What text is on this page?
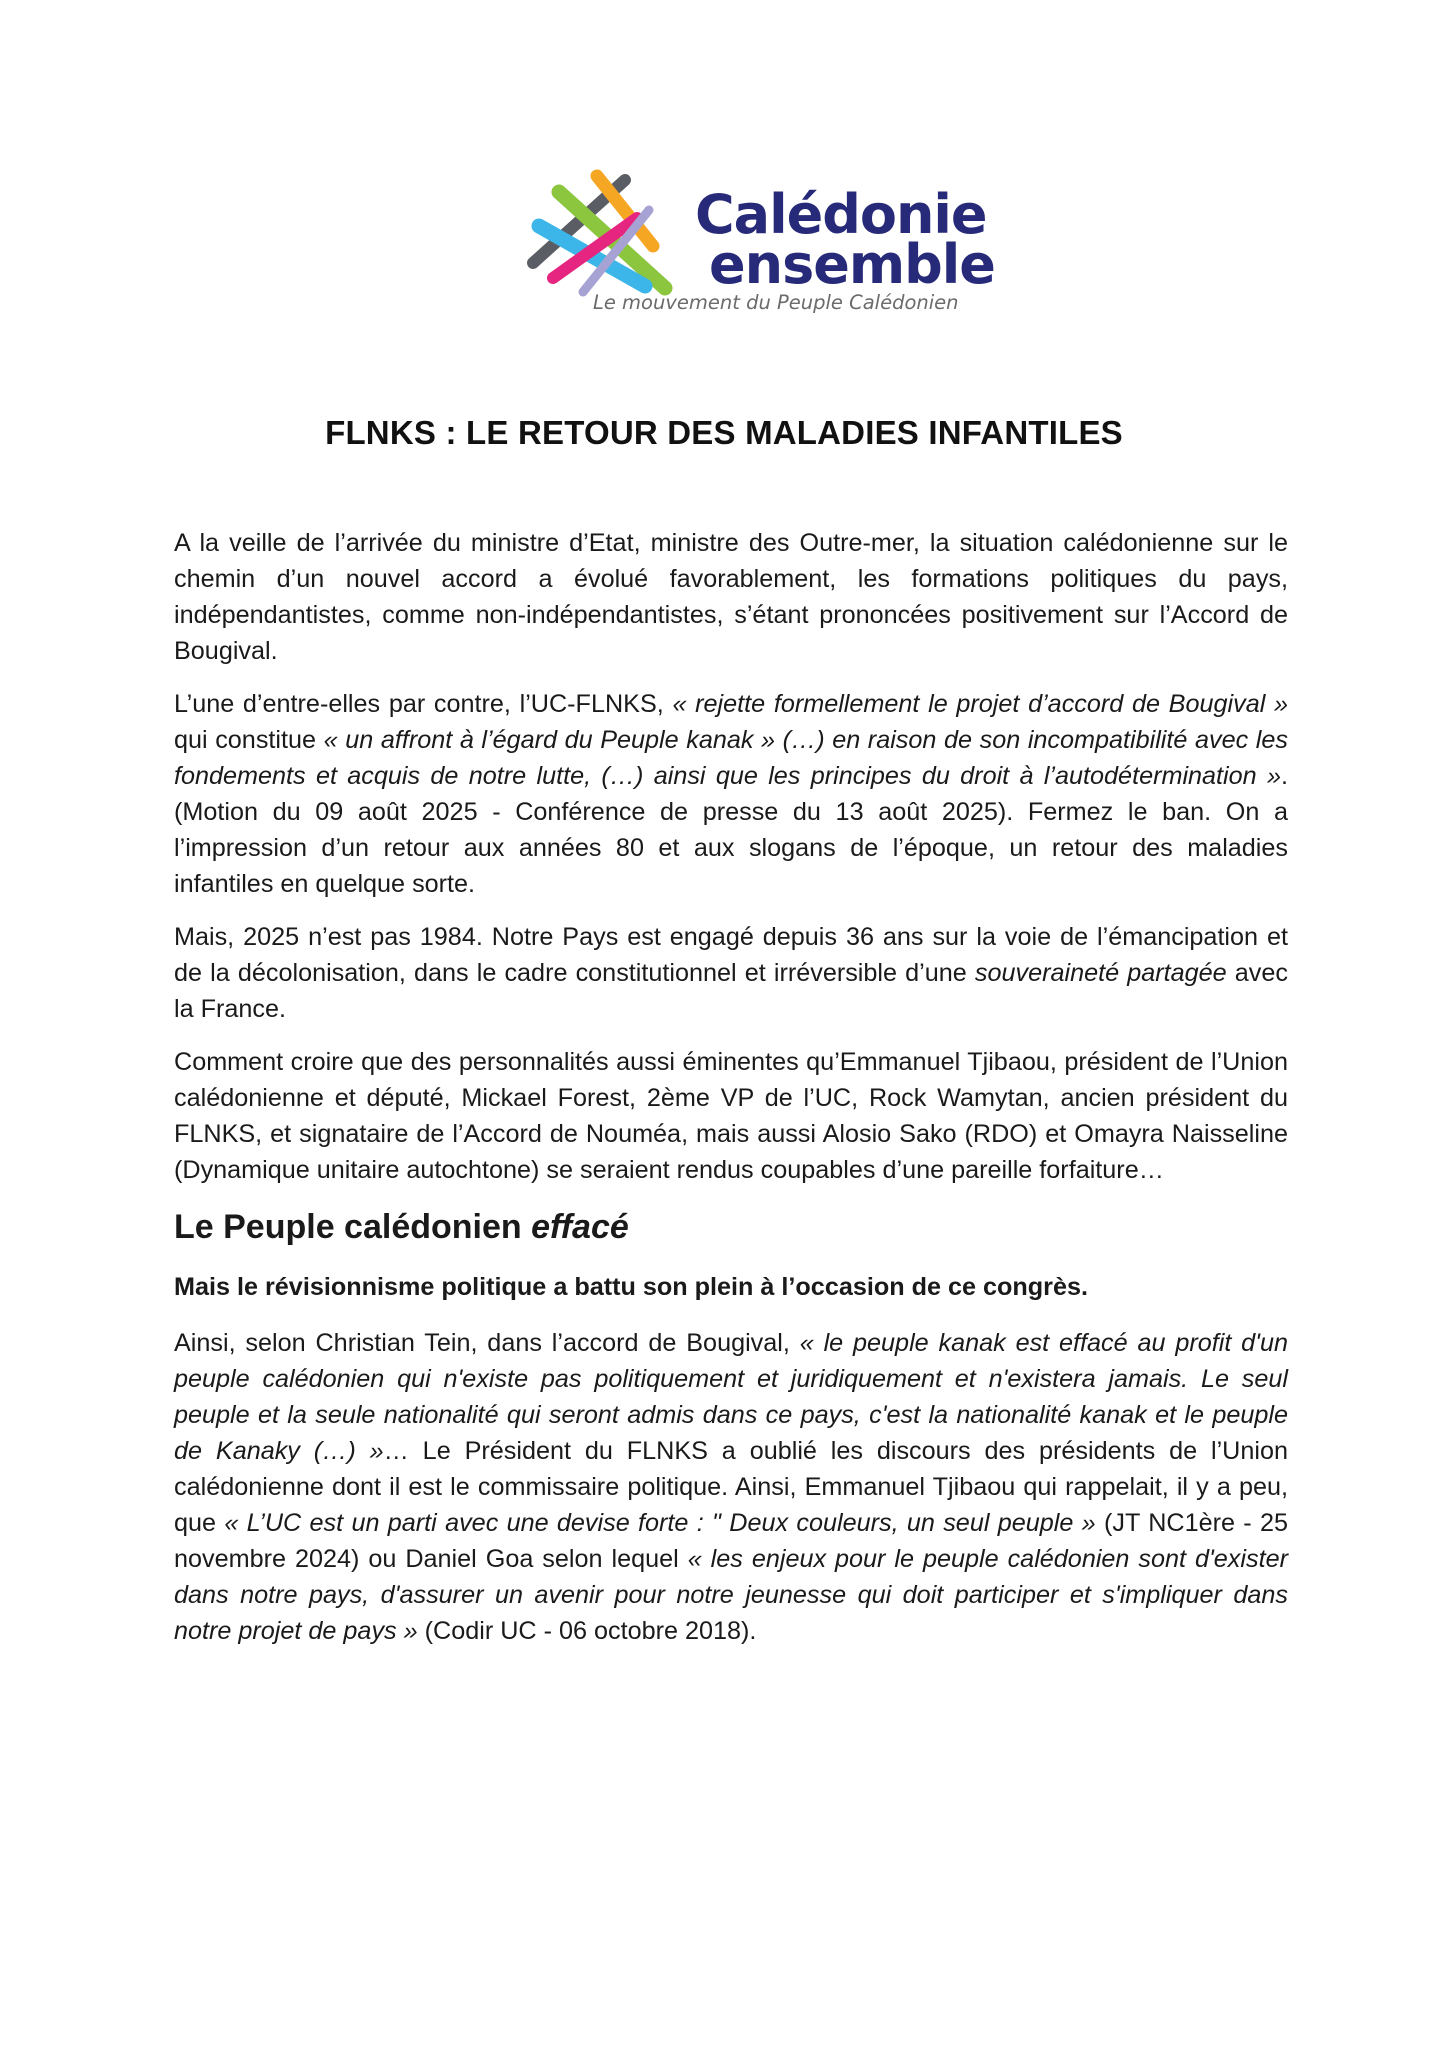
Calédonie
ensemble
Le mouvement du Peuple Calédonien
FLNKS : LE RETOUR DES MALADIES INFANTILES

A la veille de l’arrivée du ministre d’Etat, ministre des Outre-mer, la situation calédonienne sur le chemin d’un nouvel accord a évolué favorablement, les formations politiques du pays, indépendantistes, comme non-indépendantistes, s’étant prononcées positivement sur l’Accord de Bougival.

L’une d’entre-elles par contre, l’UC-FLNKS, « rejette formellement le projet d’accord de Bougival » qui constitue « un affront à l’égard du Peuple kanak » (…) en raison de son incompatibilité avec les fondements et acquis de notre lutte, (…) ainsi que les principes du droit à l’autodétermination ». (Motion du 09 août 2025 - Conférence de presse du 13 août 2025). Fermez le ban. On a l’impression d’un retour aux années 80 et aux slogans de l’époque, un retour des maladies infantiles en quelque sorte.

Mais, 2025 n’est pas 1984. Notre Pays est engagé depuis 36 ans sur la voie de l’émancipation et de la décolonisation, dans le cadre constitutionnel et irréversible d’une souveraineté partagée avec la France.

Comment croire que des personnalités aussi éminentes qu’Emmanuel Tjibaou, président de l’Union calédonienne et député, Mickael Forest, 2ème VP de l’UC, Rock Wamytan, ancien président du FLNKS, et signataire de l’Accord de Nouméa, mais aussi Alosio Sako (RDO) et Omayra Naisseline (Dynamique unitaire autochtone) se seraient rendus coupables d’une pareille forfaiture…

Le Peuple calédonien effacé

Mais le révisionnisme politique a battu son plein à l’occasion de ce congrès.

Ainsi, selon Christian Tein, dans l’accord de Bougival, « le peuple kanak est effacé au profit d'un peuple calédonien qui n'existe pas politiquement et juridiquement et n'existera jamais. Le seul peuple et la seule nationalité qui seront admis dans ce pays, c'est la nationalité kanak et le peuple de Kanaky (…) »… Le Président du FLNKS a oublié les discours des présidents de l’Union calédonienne dont il est le commissaire politique. Ainsi, Emmanuel Tjibaou qui rappelait, il y a peu, que « L’UC est un parti avec une devise forte : " Deux couleurs, un seul peuple » (JT NC1ère - 25 novembre 2024) ou Daniel Goa selon lequel « les enjeux pour le peuple calédonien sont d'exister dans notre pays, d'assurer un avenir pour notre jeunesse qui doit participer et s'impliquer dans notre projet de pays » (Codir UC - 06 octobre 2018).
